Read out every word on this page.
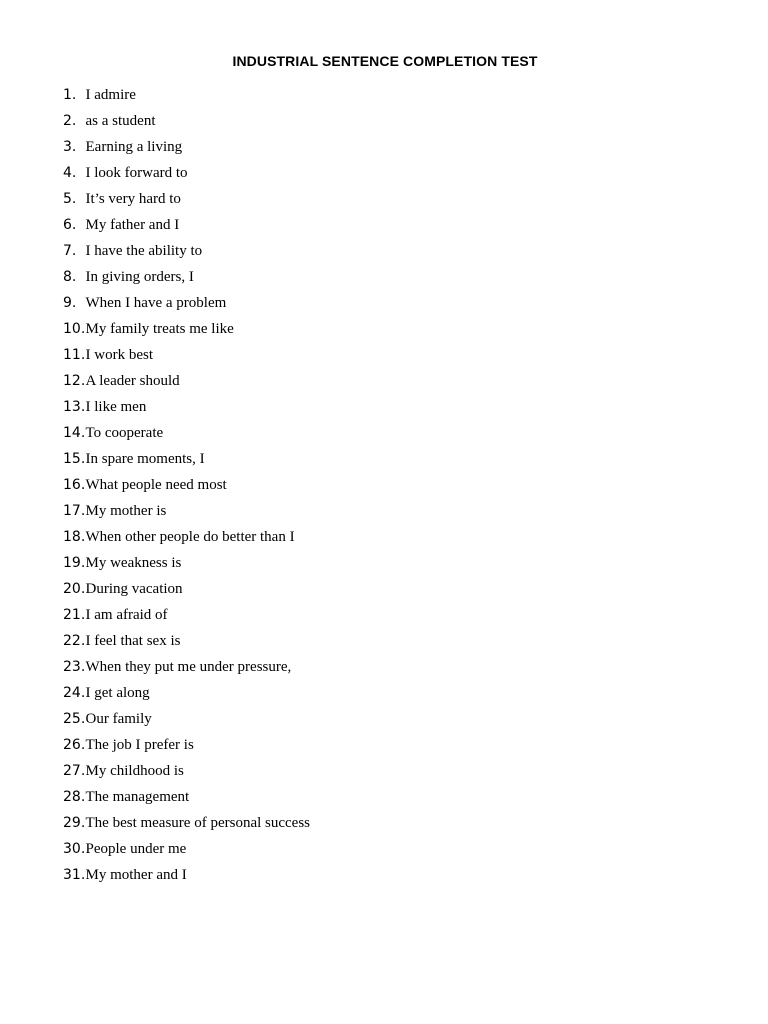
INDUSTRIAL SENTENCE COMPLETION TEST
1. I admire
2. as a student
3. Earning a living
4. I look forward to
5. It’s very hard to
6. My father and I
7. I have the ability to
8. In giving orders, I
9. When I have a problem
10. My family treats me like
11. I work best
12. A leader should
13. I like men
14. To cooperate
15. In spare moments, I
16. What people need most
17. My mother is
18. When other people do better than I
19. My weakness is
20. During vacation
21. I am afraid of
22. I feel that sex is
23. When they put me under pressure,
24. I get along
25. Our family
26. The job I prefer is
27. My childhood is
28. The management
29. The best measure of personal success
30. People under me
31. My mother and I
